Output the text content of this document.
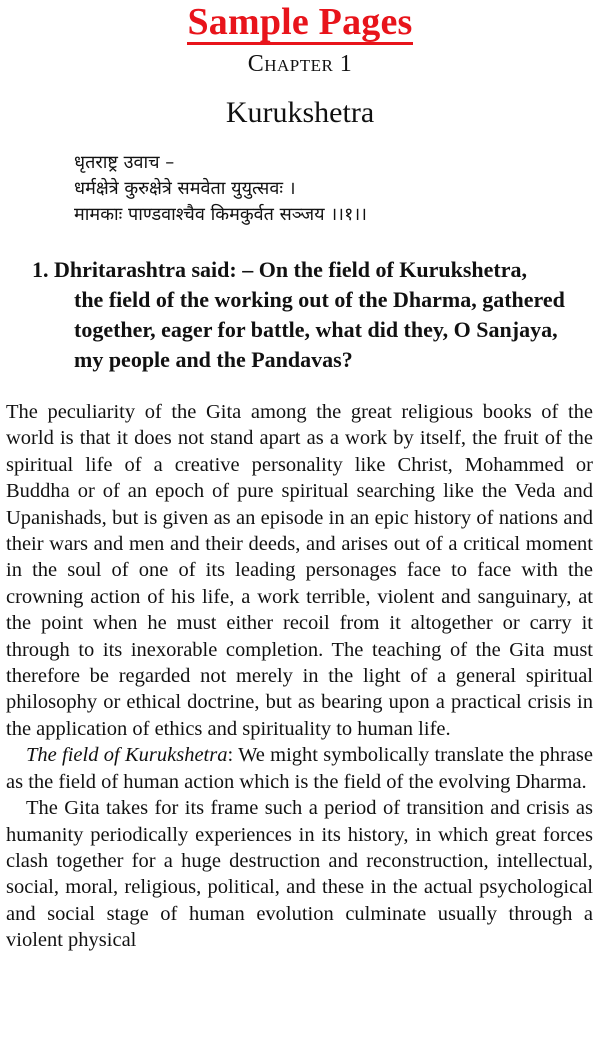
Sample Pages
Chapter 1
Kurukshetra
धृतराष्ट्र उवाच –
धर्मक्षेत्रे कुरुक्षेत्रे समवेता युयुत्सवः ।
मामकाः पाण्डवाश्चैव किमकुर्वत सञ्जय ।।१।।
1. Dhritarashtra said: – On the field of Kurukshetra,
the field of the working out of the Dharma, gathered
together, eager for battle, what did they, O Sanjaya,
my people and the Pandavas?

The peculiarity of the Gita among the great religious books of the world is that it does not stand apart as a work by itself, the fruit of the spiritual life of a creative personality like Christ, Mohammed or Buddha or of an epoch of pure spiritual searching like the Veda and Upanishads, but is given as an episode in an epic history of nations and their wars and men and their deeds, and arises out of a critical moment in the soul of one of its leading personages face to face with the crowning action of his life, a work terrible, violent and sanguinary, at the point when he must either recoil from it altogether or carry it through to its inexorable completion. The teaching of the Gita must therefore be regarded not merely in the light of a general spiritual philosophy or ethical doctrine, but as bearing upon a practical crisis in the application of ethics and spirituality to human life.

The field of Kurukshetra: We might symbolically translate the phrase as the field of human action which is the field of the evolving Dharma.

The Gita takes for its frame such a period of transition and crisis as humanity periodically experiences in its history, in which great forces clash together for a huge destruction and reconstruction, intellectual, social, moral, religious, political, and these in the actual psychological and social stage of human evolution culminate usually through a violent physical
